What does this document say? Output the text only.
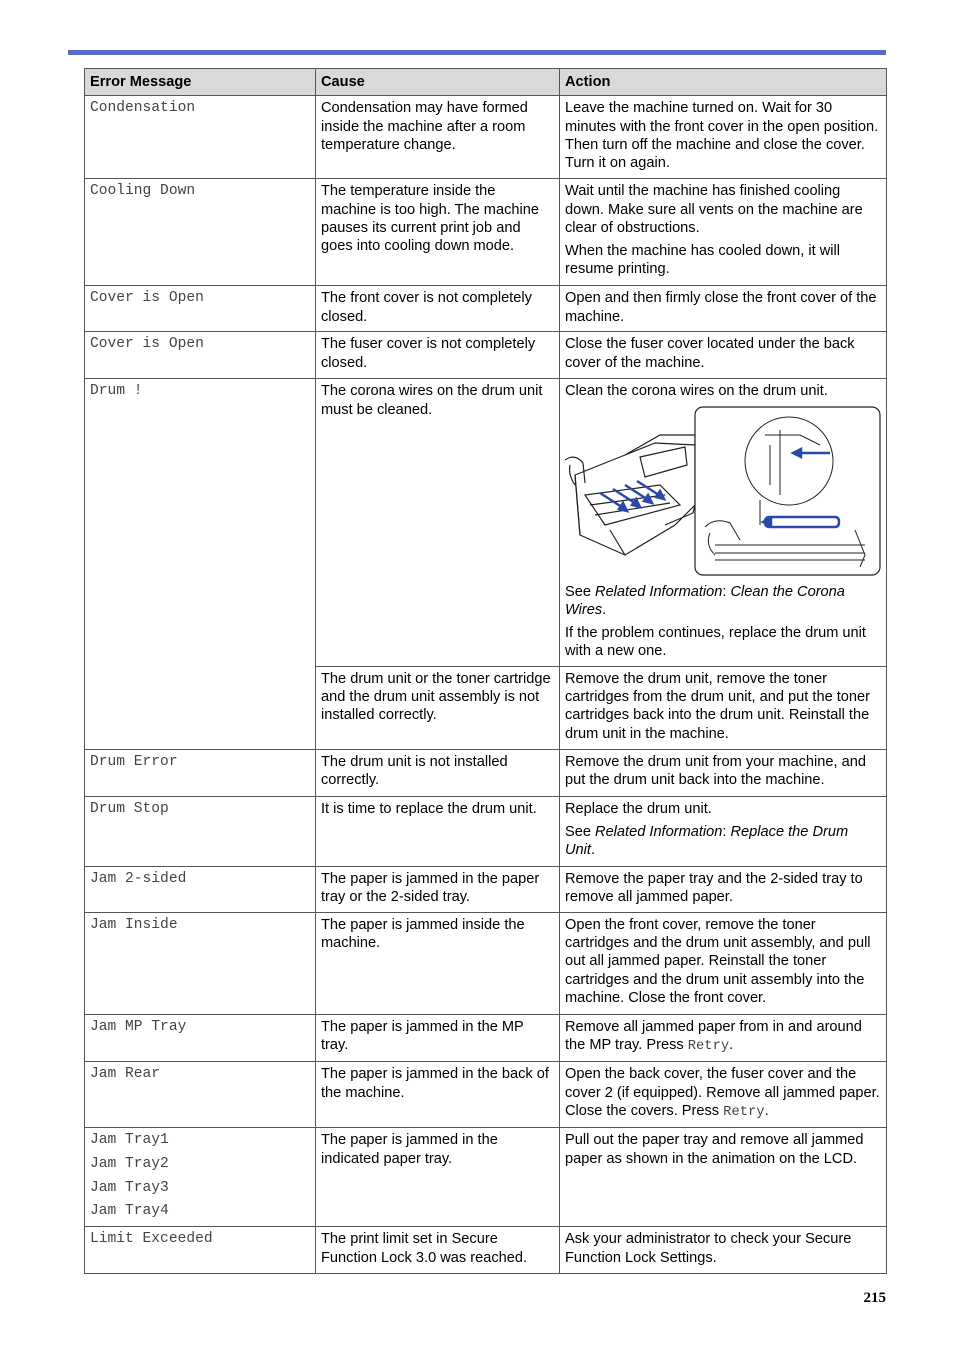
Error Message	Cause	Action
Condensation	Condensation may have formed inside the machine after a room temperature change.	Leave the machine turned on. Wait for 30 minutes with the front cover in the open position. Then turn off the machine and close the cover. Turn it on again.
Cooling Down	The temperature inside the machine is too high. The machine pauses its current print job and goes into cooling down mode.	Wait until the machine has finished cooling down. Make sure all vents on the machine are clear of obstructions.
When the machine has cooled down, it will resume printing.

Cover is Open	The front cover is not completely closed.	Open and then firmly close the front cover of the machine.
Cover is Open	The fuser cover is not completely closed.	Close the fuser cover located under the back cover of the machine.
Drum !	The corona wires on the drum unit must be cleaned.	Clean the corona wires on the drum unit.
See Related Information: Clean the Corona Wires.
If the problem continues, replace the drum unit with a new one.

	The drum unit or the toner cartridge and the drum unit assembly is not installed correctly.	Remove the drum unit, remove the toner cartridges from the drum unit, and put the toner cartridges back into the drum unit. Reinstall the drum unit in the machine.
Drum Error	The drum unit is not installed correctly.	Remove the drum unit from your machine, and put the drum unit back into the machine.
Drum Stop	It is time to replace the drum unit.	Replace the drum unit.
See Related Information: Replace the Drum Unit.

Jam 2-sided	The paper is jammed in the paper tray or the 2-sided tray.	Remove the paper tray and the 2-sided tray to remove all jammed paper.
Jam Inside	The paper is jammed inside the machine.	Open the front cover, remove the toner cartridges and the drum unit assembly, and pull out all jammed paper. Reinstall the toner cartridges and the drum unit assembly into the machine. Close the front cover.
Jam MP Tray	The paper is jammed in the MP tray.	Remove all jammed paper from in and around the MP tray. Press Retry.
Jam Rear	The paper is jammed in the back of the machine.	Open the back cover, the fuser cover and the cover 2 (if equipped). Remove all jammed paper. Close the covers. Press Retry.

Jam Tray1
Jam Tray2
Jam Tray3
Jam Tray4	The paper is jammed in the indicated paper tray.	Pull out the paper tray and remove all jammed paper as shown in the animation on the LCD.
Limit Exceeded	The print limit set in Secure Function Lock 3.0 was reached.	Ask your administrator to check your Secure Function Lock Settings.
215
